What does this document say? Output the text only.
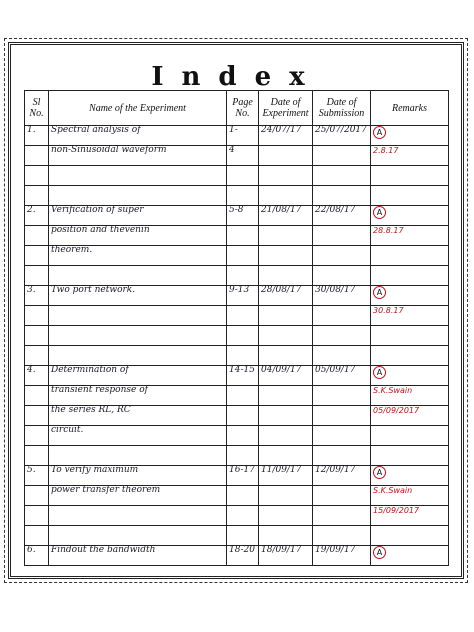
Index
Sl No.	Name of the Experiment	Page No.	Date of Experiment	Date of Submission	Remarks
1.	Spectral analysis of	1-	24/07/17	25/07/2017	A
	non-Sinusoidal waveform	4			2.8.17

2.	Verification of super	5-8	21/08/17	22/08/17	A
	position and thevenin				28.8.17
	theorem.				

3.	Two port network.	9-13	28/08/17	30/08/17	A
					30.8.17

4.	Determination of	14-15	04/09/17	05/09/17	A
	transient response of				S.K.Swain
	the series RL, RC				05/09/2017
	circuit.				

5.	To verify maximum	16-17	11/09/17	12/09/17	A
	power transfer theorem				S.K.Swain
					15/09/2017

6.	Findout the bandwidth	18-20	18/09/17	19/09/17	A
